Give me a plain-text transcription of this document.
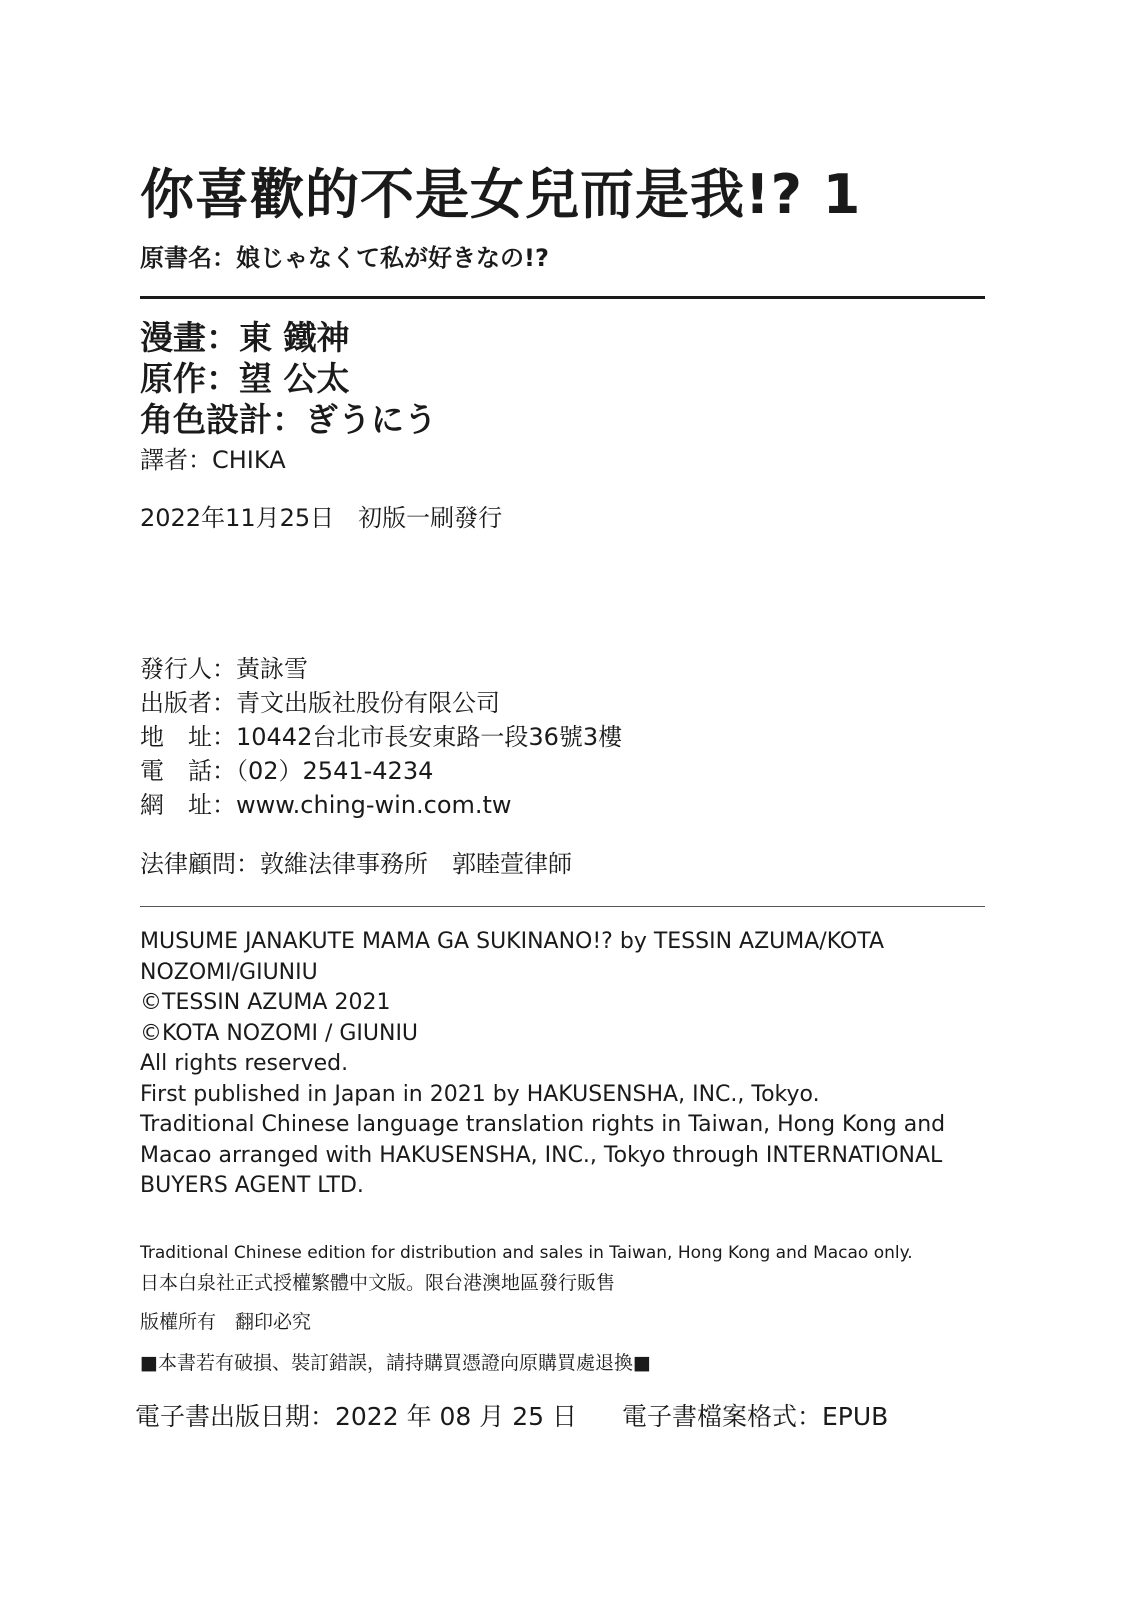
你喜歡的不是女兒而是我!? 1
原書名：娘じゃなくて私が好きなの!?
漫畫：東 鐵神
原作：望 公太
角色設計：ぎうにう
譯者：CHIKA
2022年11月25日　初版一刷發行
發行人：黃詠雪
出版者：青文出版社股份有限公司
地　址：10442台北市長安東路一段36號3樓
電　話：（02）2541-4234
網　址：www.ching-win.com.tw
法律顧問：敦維法律事務所　郭睦萱律師
MUSUME JANAKUTE MAMA GA SUKINANO!? by TESSIN AZUMA/KOTA
NOZOMI/GIUNIU
©TESSIN AZUMA 2021
©KOTA NOZOMI / GIUNIU
All rights reserved.
First published in Japan in 2021 by HAKUSENSHA, INC., Tokyo.
Traditional Chinese language translation rights in Taiwan, Hong Kong and
Macao arranged with HAKUSENSHA, INC., Tokyo through INTERNATIONAL
BUYERS AGENT LTD.
Traditional Chinese edition for distribution and sales in Taiwan, Hong Kong and Macao only.
日本白泉社正式授權繁體中文版。限台港澳地區發行販售
版權所有　翻印必究
■本書若有破損、裝訂錯誤，請持購買憑證向原購買處退換■
電子書出版日期：2022 年 08 月 25 日 電子書檔案格式：EPUB
